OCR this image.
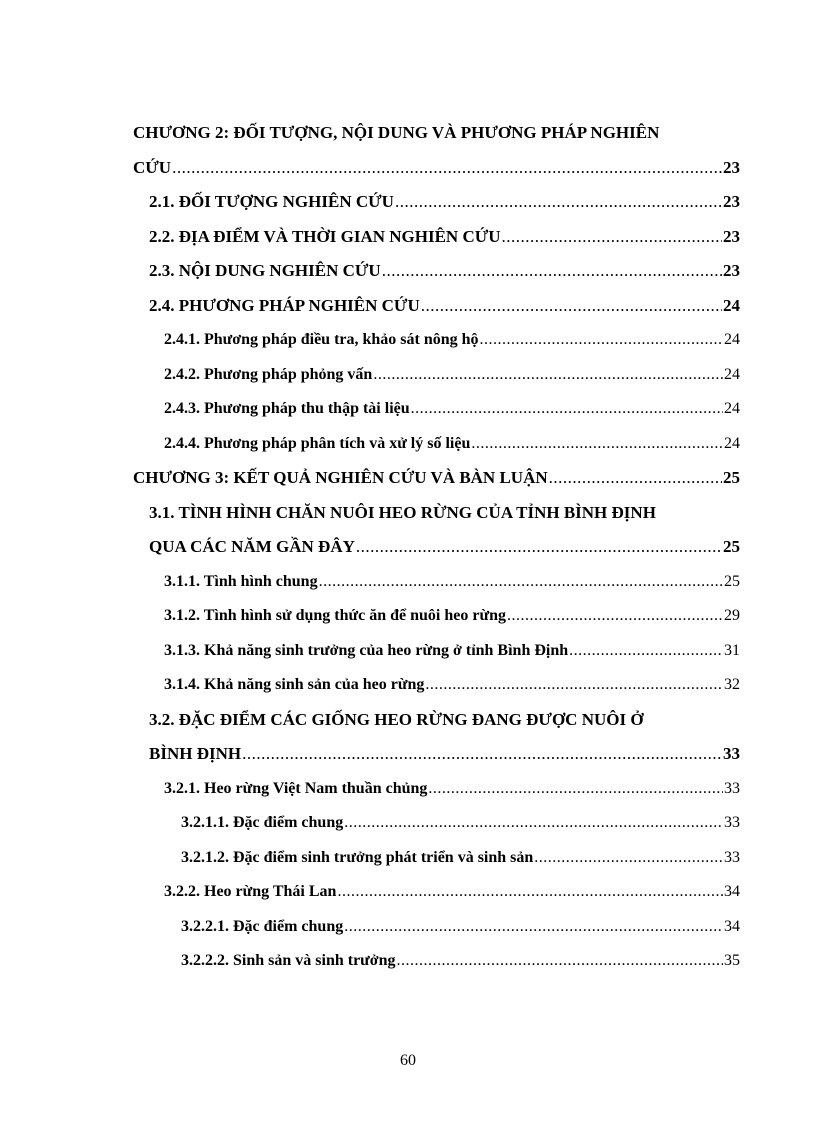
CHƯƠNG 2: ĐỐI TƯỢNG, NỘI DUNG VÀ PHƯƠNG PHÁP NGHIÊN
CỨU .....	23
2.1. ĐỐI TƯỢNG NGHIÊN CỨU .....	23
2.2. ĐỊA ĐIỂM VÀ THỜI GIAN NGHIÊN CỨU .....	23
2.3. NỘI DUNG NGHIÊN CỨU .....	23
2.4. PHƯƠNG PHÁP NGHIÊN CỨU .....	24
2.4.1. Phương pháp điều tra, khảo sát nông hộ .....	24
2.4.2. Phương pháp phỏng vấn .....	24
2.4.3. Phương pháp thu thập tài liệu .....	24
2.4.4. Phương pháp phân tích và xử lý số liệu .....	24
CHƯƠNG 3: KẾT QUẢ NGHIÊN CỨU VÀ BÀN LUẬN .....	25
3.1. TÌNH HÌNH CHĂN NUÔI HEO RỪNG CỦA TỈNH BÌNH ĐỊNH
QUA CÁC NĂM GẦN ĐÂY .....	25
3.1.1. Tình hình chung .....	25
3.1.2. Tình hình sử dụng thức ăn để nuôi heo rừng .....	29
3.1.3. Khả năng sinh trưởng của heo rừng ở tỉnh Bình Định .....	31
3.1.4. Khả năng sinh sản của heo rừng .....	32
3.2. ĐẶC ĐIỂM CÁC GIỐNG HEO RỪNG ĐANG ĐƯỢC NUÔI Ở
BÌNH ĐỊNH .....	33
3.2.1. Heo rừng Việt Nam thuần chủng .....	33
3.2.1.1. Đặc điểm chung .....	33
3.2.1.2. Đặc điểm sinh trưởng phát triển và sinh sản .....	33
3.2.2. Heo rừng Thái Lan .....	34
3.2.2.1. Đặc điểm chung .....	34
3.2.2.2. Sinh sản và sinh trưởng .....	35
60
